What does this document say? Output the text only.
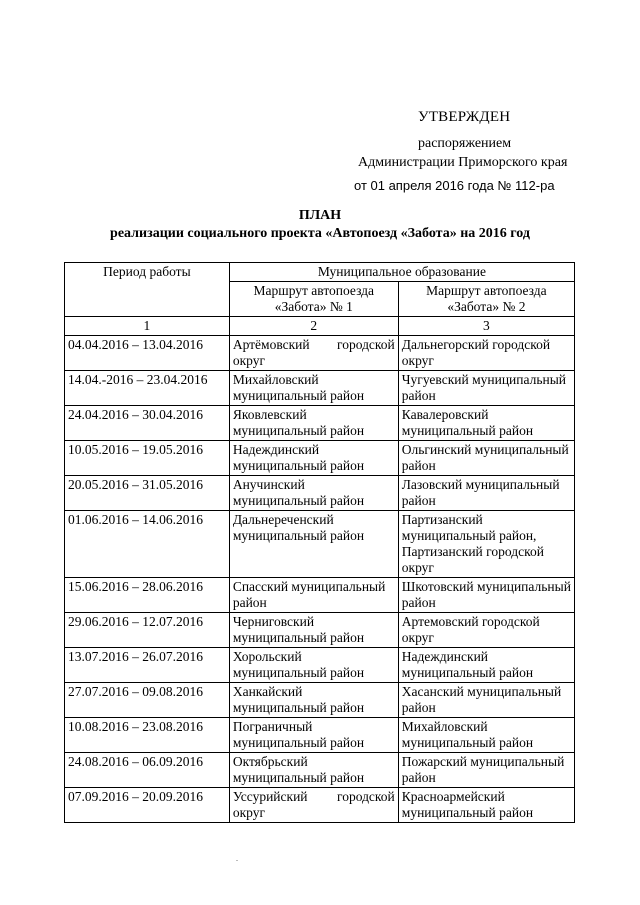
УТВЕРЖДЕН
распоряжением
Администрации Приморского края
от 01 апреля 2016 года № 112-ра
ПЛАН
реализации социального проекта «Автопоезд «Забота» на 2016 год
Период работы	Муниципальное образование	
	Маршрут автопоезда «Забота» № 1	Маршрут автопоезда «Забота» № 2
1	2	3
04.04.2016 – 13.04.2016	Артёмовский городской округ	Дальнегорский городской округ
14.04.-2016 – 23.04.2016	Михайловский муниципальный район	Чугуевский муниципальный район
24.04.2016 – 30.04.2016	Яковлевский муниципальный район	Кавалеровский муниципальный район
10.05.2016 – 19.05.2016	Надеждинский муниципальный район	Ольгинский муниципальный район
20.05.2016 – 31.05.2016	Анучинский муниципальный район	Лазовский муниципальный район
01.06.2016 – 14.06.2016	Дальнереченский муниципальный район	Партизанский муниципальный район, Партизанский городской округ
15.06.2016 – 28.06.2016	Спасский муниципальный район	Шкотовский муниципальный район
29.06.2016 – 12.07.2016	Черниговский муниципальный район	Артемовский городской округ
13.07.2016 – 26.07.2016	Хорольский муниципальный район	Надеждинский муниципальный район
27.07.2016 – 09.08.2016	Ханкайский муниципальный район	Хасанский муниципальный район
10.08.2016 – 23.08.2016	Пограничный муниципальный район	Михайловский муниципальный район
24.08.2016 – 06.09.2016	Октябрьский муниципальный район	Пожарский муниципальный район
07.09.2016 – 20.09.2016	Уссурийский городской округ	Красноармейский муниципальный район
